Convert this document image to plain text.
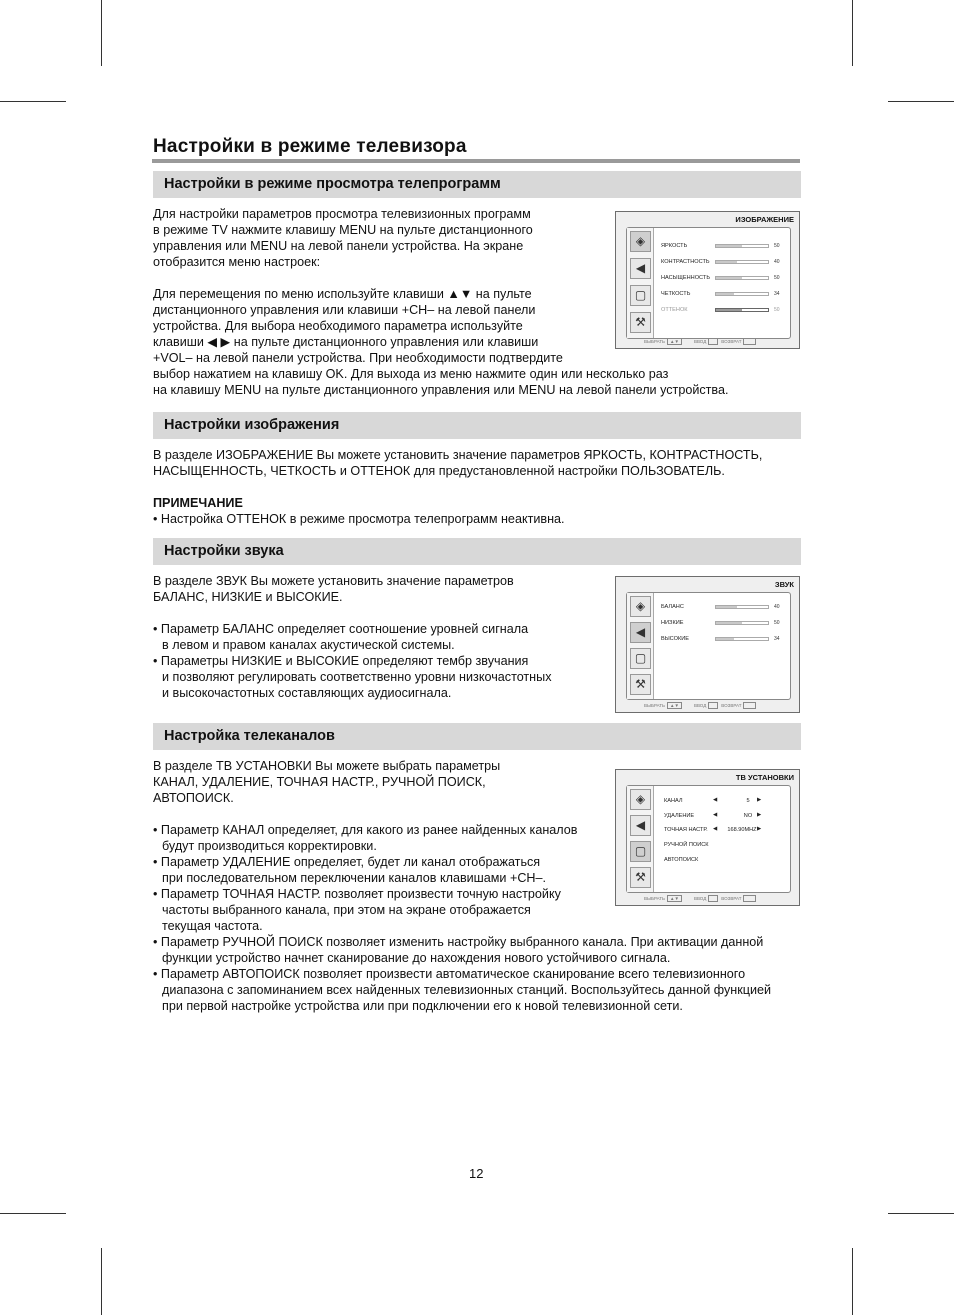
Настройки в режиме телевизора
Настройки в режиме просмотра телепрограмм
Для настройки параметров просмотра телевизионных программ
в режиме TV нажмите клавишу MENU на пульте дистанционного
управления или MENU на левой панели устройства. На экране
отобразится меню настроек:
Для перемещения по меню используйте клавиши ▲▼ на пульте
дистанционного управления или клавиши +CH– на левой панели
устройства. Для выбора необходимого параметра используйте
клавиши ◀ ▶ на пульте дистанционного управления или клавиши
+VOL– на левой панели устройства. При необходимости подтвердите
выбор нажатием на клавишу OK. Для выхода из меню нажмите один или несколько раз
на клавишу MENU на пульте дистанционного управления или MENU на левой панели устройства.
ИЗОБРАЖЕНИЕ
◈
◀
▢
⚒
ЯРКОСТЬ	50
КОНТРАСТНОСТЬ	40
НАСЫЩЕННОСТЬ	50
ЧЕТКОСТЬ	34
ОТТЕНОК	50
ВЫБРАТЬ ▲▼	ВВОД	ВОЗВРАТ
Настройки изображения
В разделе ИЗОБРАЖЕНИЕ Вы можете установить значение параметров ЯРКОСТЬ, КОНТРАСТНОСТЬ,
НАСЫЩЕННОСТЬ, ЧЕТКОСТЬ и ОТТЕНОК для предустановленной настройки ПОЛЬЗОВАТЕЛЬ.
ПРИМЕЧАНИЕ
• Настройка ОТТЕНОК в режиме просмотра телепрограмм неактивна.
Настройки звука
В разделе ЗВУК Вы можете установить значение параметров
БАЛАНС, НИЗКИЕ и ВЫСОКИЕ.
• Параметр БАЛАНС определяет соотношение уровней сигнала
в левом и правом каналах акустической системы.
• Параметры НИЗКИЕ и ВЫСОКИЕ определяют тембр звучания
и позволяют регулировать соответственно уровни низкочастотных
и высокочастотных составляющих аудиосигнала.
ЗВУК
◈
◀
▢
⚒
БАЛАНС	40
НИЗКИЕ	50
ВЫСОКИЕ	34
ВЫБРАТЬ ▲▼	ВВОД	ВОЗВРАТ
Настройка телеканалов
В разделе ТВ УСТАНОВКИ Вы можете выбрать параметры
КАНАЛ, УДАЛЕНИЕ, ТОЧНАЯ НАСТР., РУЧНОЙ ПОИСК,
АВТОПОИСК.
• Параметр КАНАЛ определяет, для какого из ранее найденных каналов
будут производиться корректировки.
• Параметр УДАЛЕНИЕ определяет, будет ли канал отображаться
при последовательном переключении каналов клавишами +CH–.
• Параметр ТОЧНАЯ НАСТР. позволяет произвести точную настройку
частоты выбранного канала, при этом на экране отображается
текущая частота.
• Параметр РУЧНОЙ ПОИСК позволяет изменить настройку выбранного канала. При активации данной
функции устройство начнет сканирование до нахождения нового устойчивого сигнала.
• Параметр АВТОПОИСК позволяет произвести автоматическое сканирование всего телевизионного
диапазона с запоминанием всех найденных телевизионных станций. Воспользуйтесь данной функцией
при первой настройке устройства или при подключении его к новой телевизионной сети.
ТВ УСТАНОВКИ
◈
◀
▢
⚒
КАНАЛ	◀	5	▶
УДАЛЕНИЕ	◀	NO ▶
ТОЧНАЯ НАСТР. ◀	168.90MHZ ▶
РУЧНОЙ ПОИСК
АВТОПОИСК
ВЫБРАТЬ ▲▼	ВВОД	ВОЗВРАТ
12
